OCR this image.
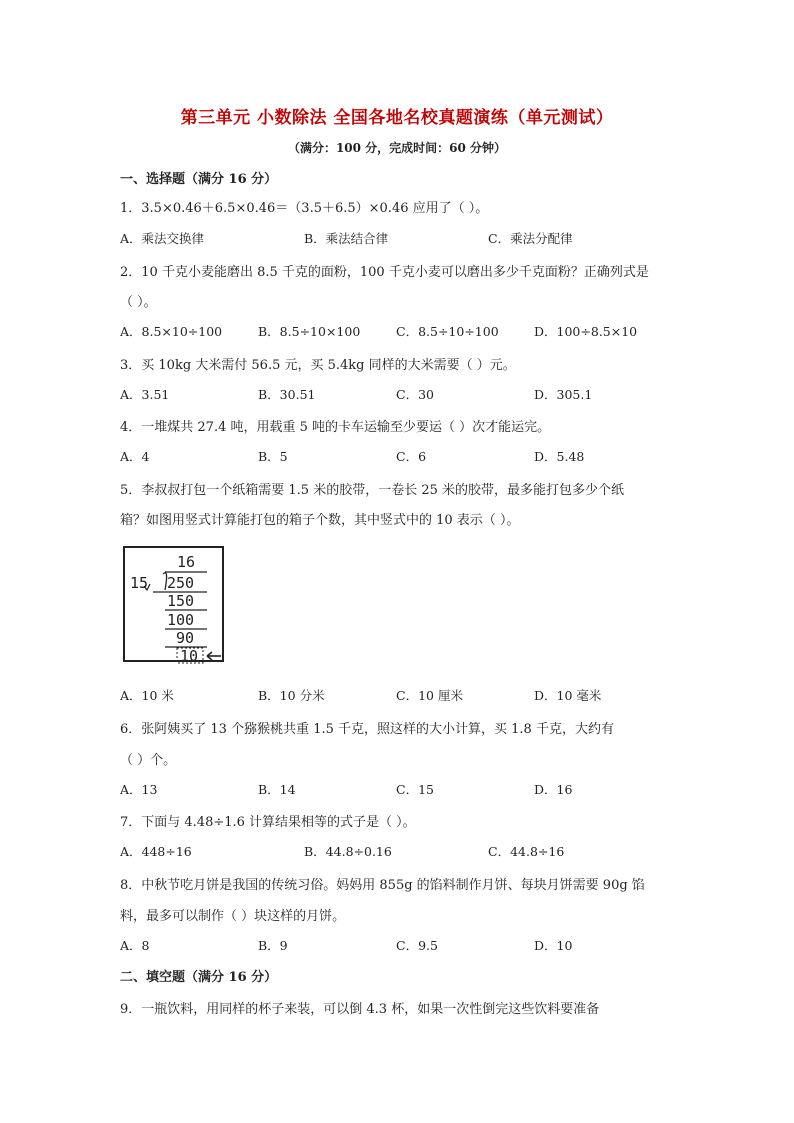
第三单元 小数除法 全国各地名校真题演练（单元测试）
（满分：100 分，完成时间：60 分钟）
一、选择题（满分 16 分）
1．3.5×0.46＋6.5×0.46＝（3.5＋6.5）×0.46 应用了（ ）。
A．乘法交换律	B．乘法结合律	C．乘法分配律
2．10 千克小麦能磨出 8.5 千克的面粉，100 千克小麦可以磨出多少千克面粉？正确列式是
（ ）。
A．8.5×10÷100	B．8.5÷10×100	C．8.5÷10÷100	D．100÷8.5×10
3．买 10kg 大米需付 56.5 元，买 5.4kg 同样的大米需要（ ）元。
A．3.51	B．30.51	C．30	D．305.1
4．一堆煤共 27.4 吨，用载重 5 吨的卡车运输至少要运（ ）次才能运完。
A．4	B．5	C．6	D．5.48
5．李叔叔打包一个纸箱需要 1.5 米的胶带，一卷长 25 米的胶带，最多能打包多少个纸
箱？如图用竖式计算能打包的箱子个数，其中竖式中的 10 表示（ ）。
16
15 250
150
100
90
10
A．10 米	B．10 分米	C．10 厘米	D．10 毫米
6．张阿姨买了 13 个猕猴桃共重 1.5 千克，照这样的大小计算，买 1.8 千克，大约有
（ ）个。
A．13	B．14	C．15	D．16
7．下面与 4.48÷1.6 计算结果相等的式子是（ ）。
A．448÷16	B．44.8÷0.16	C．44.8÷16
8．中秋节吃月饼是我国的传统习俗。妈妈用 855g 的馅料制作月饼、每块月饼需要 90g 馅
料，最多可以制作（ ）块这样的月饼。
A．8	B．9	C．9.5	D．10
二、填空题（满分 16 分）
9．一瓶饮料，用同样的杯子来装，可以倒 4.3 杯，如果一次性倒完这些饮料要准备
